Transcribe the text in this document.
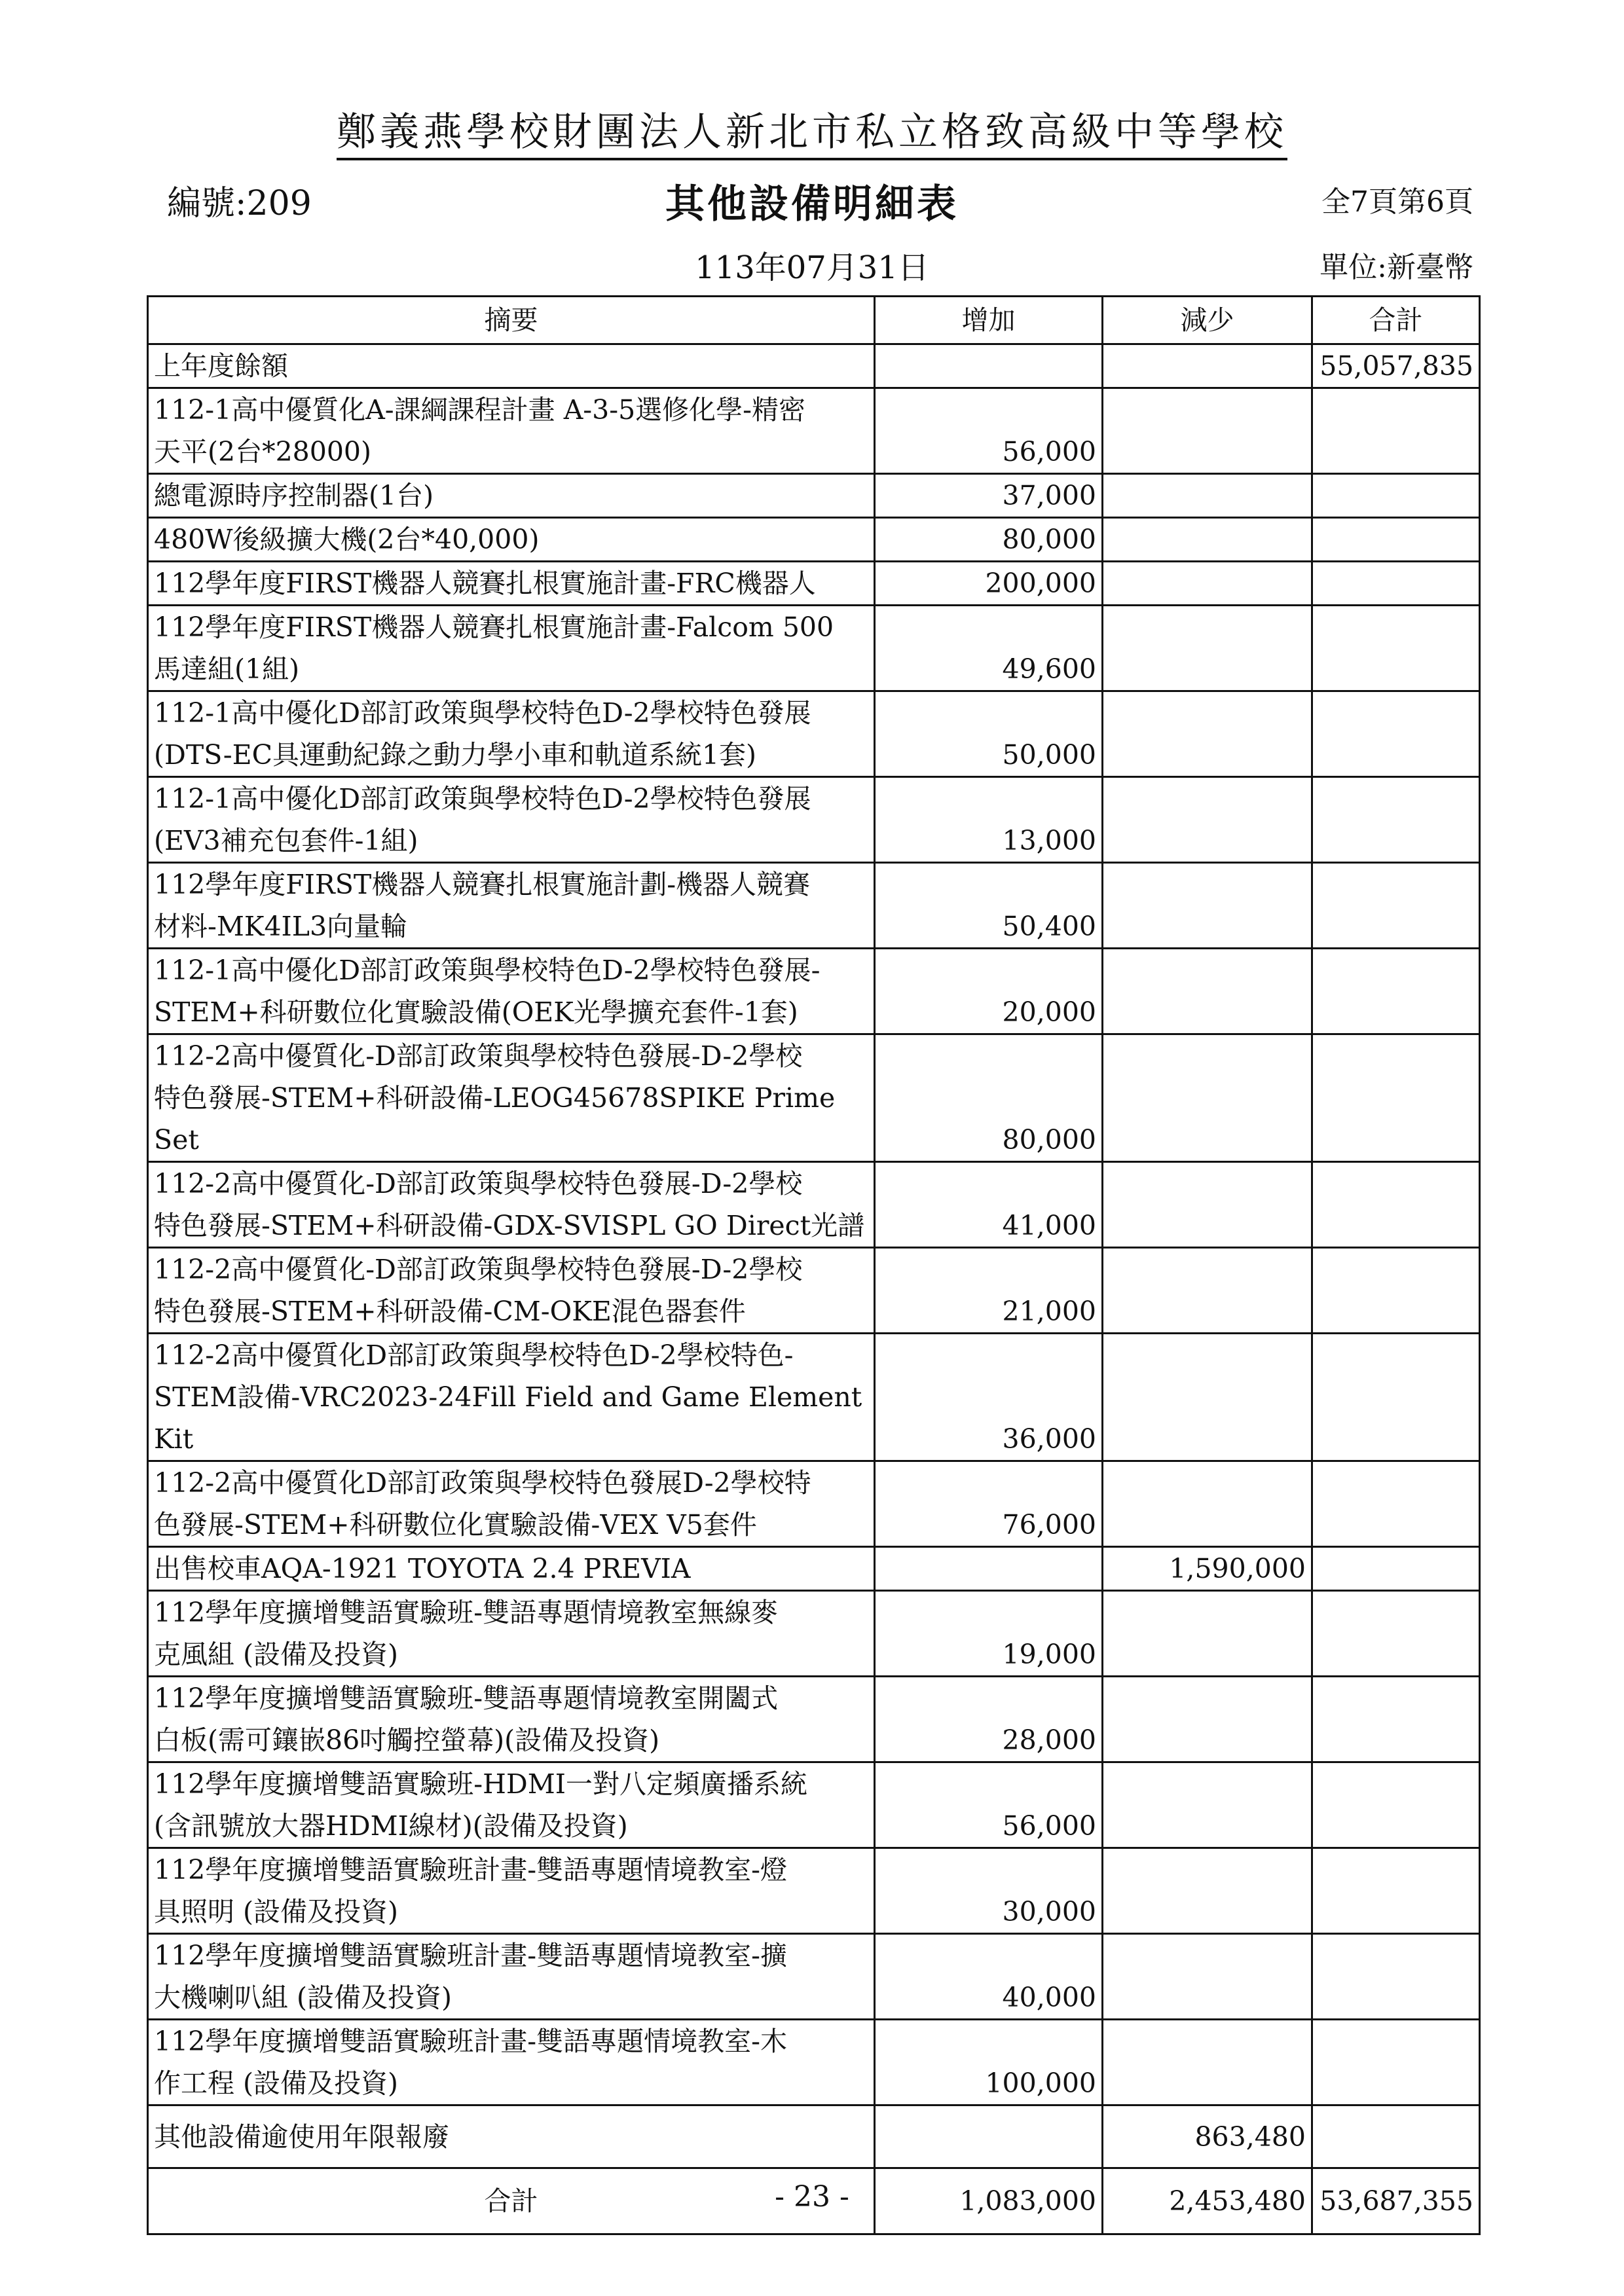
鄭義燕學校財團法人新北市私立格致高級中等學校
編號:209	其他設備明細表	全7頁第6頁
113年07月31日	單位:新臺幣
摘要	增加	減少	合計
上年度餘額			55,057,835
112-1高中優質化A-課綱課程計畫 A-3-5選修化學-精密
天平(2台*28000)	56,000		
總電源時序控制器(1台)	37,000		
480W後級擴大機(2台*40,000)	80,000		
112學年度FIRST機器人競賽扎根實施計畫-FRC機器人	200,000		
112學年度FIRST機器人競賽扎根實施計畫-Falcom 500
馬達組(1組)	49,600		
112-1高中優化D部訂政策與學校特色D-2學校特色發展
(DTS-EC具運動紀錄之動力學小車和軌道系統1套)	50,000		
112-1高中優化D部訂政策與學校特色D-2學校特色發展
(EV3補充包套件-1組)	13,000		
112學年度FIRST機器人競賽扎根實施計劃-機器人競賽
材料-MK4IL3向量輪	50,400		
112-1高中優化D部訂政策與學校特色D-2學校特色發展-
STEM+科研數位化實驗設備(OEK光學擴充套件-1套)	20,000		
112-2高中優質化-D部訂政策與學校特色發展-D-2學校
特色發展-STEM+科研設備-LEOG45678SPIKE Prime Set	80,000		
112-2高中優質化-D部訂政策與學校特色發展-D-2學校
特色發展-STEM+科研設備-GDX-SVISPL GO Direct光譜	41,000		
112-2高中優質化-D部訂政策與學校特色發展-D-2學校
特色發展-STEM+科研設備-CM-OKE混色器套件	21,000		
112-2高中優質化D部訂政策與學校特色D-2學校特色-
STEM設備-VRC2023-24Fill Field and Game Element Kit	36,000		
112-2高中優質化D部訂政策與學校特色發展D-2學校特
色發展-STEM+科研數位化實驗設備-VEX V5套件	76,000		
出售校車AQA-1921 TOYOTA 2.4 PREVIA		1,590,000	
112學年度擴增雙語實驗班-雙語專題情境教室無線麥
克風組 (設備及投資)	19,000		
112學年度擴增雙語實驗班-雙語專題情境教室開闔式
白板(需可鑲嵌86吋觸控螢幕)(設備及投資)	28,000		
112學年度擴增雙語實驗班-HDMI一對八定頻廣播系統
(含訊號放大器HDMI線材)(設備及投資)	56,000		
112學年度擴增雙語實驗班計畫-雙語專題情境教室-燈
具照明 (設備及投資)	30,000		
112學年度擴增雙語實驗班計畫-雙語專題情境教室-擴
大機喇叭組 (設備及投資)	40,000		
112學年度擴增雙語實驗班計畫-雙語專題情境教室-木
作工程 (設備及投資)	100,000		
其他設備逾使用年限報廢		863,480	
合計	1,083,000	2,453,480	53,687,355
- 23 -
